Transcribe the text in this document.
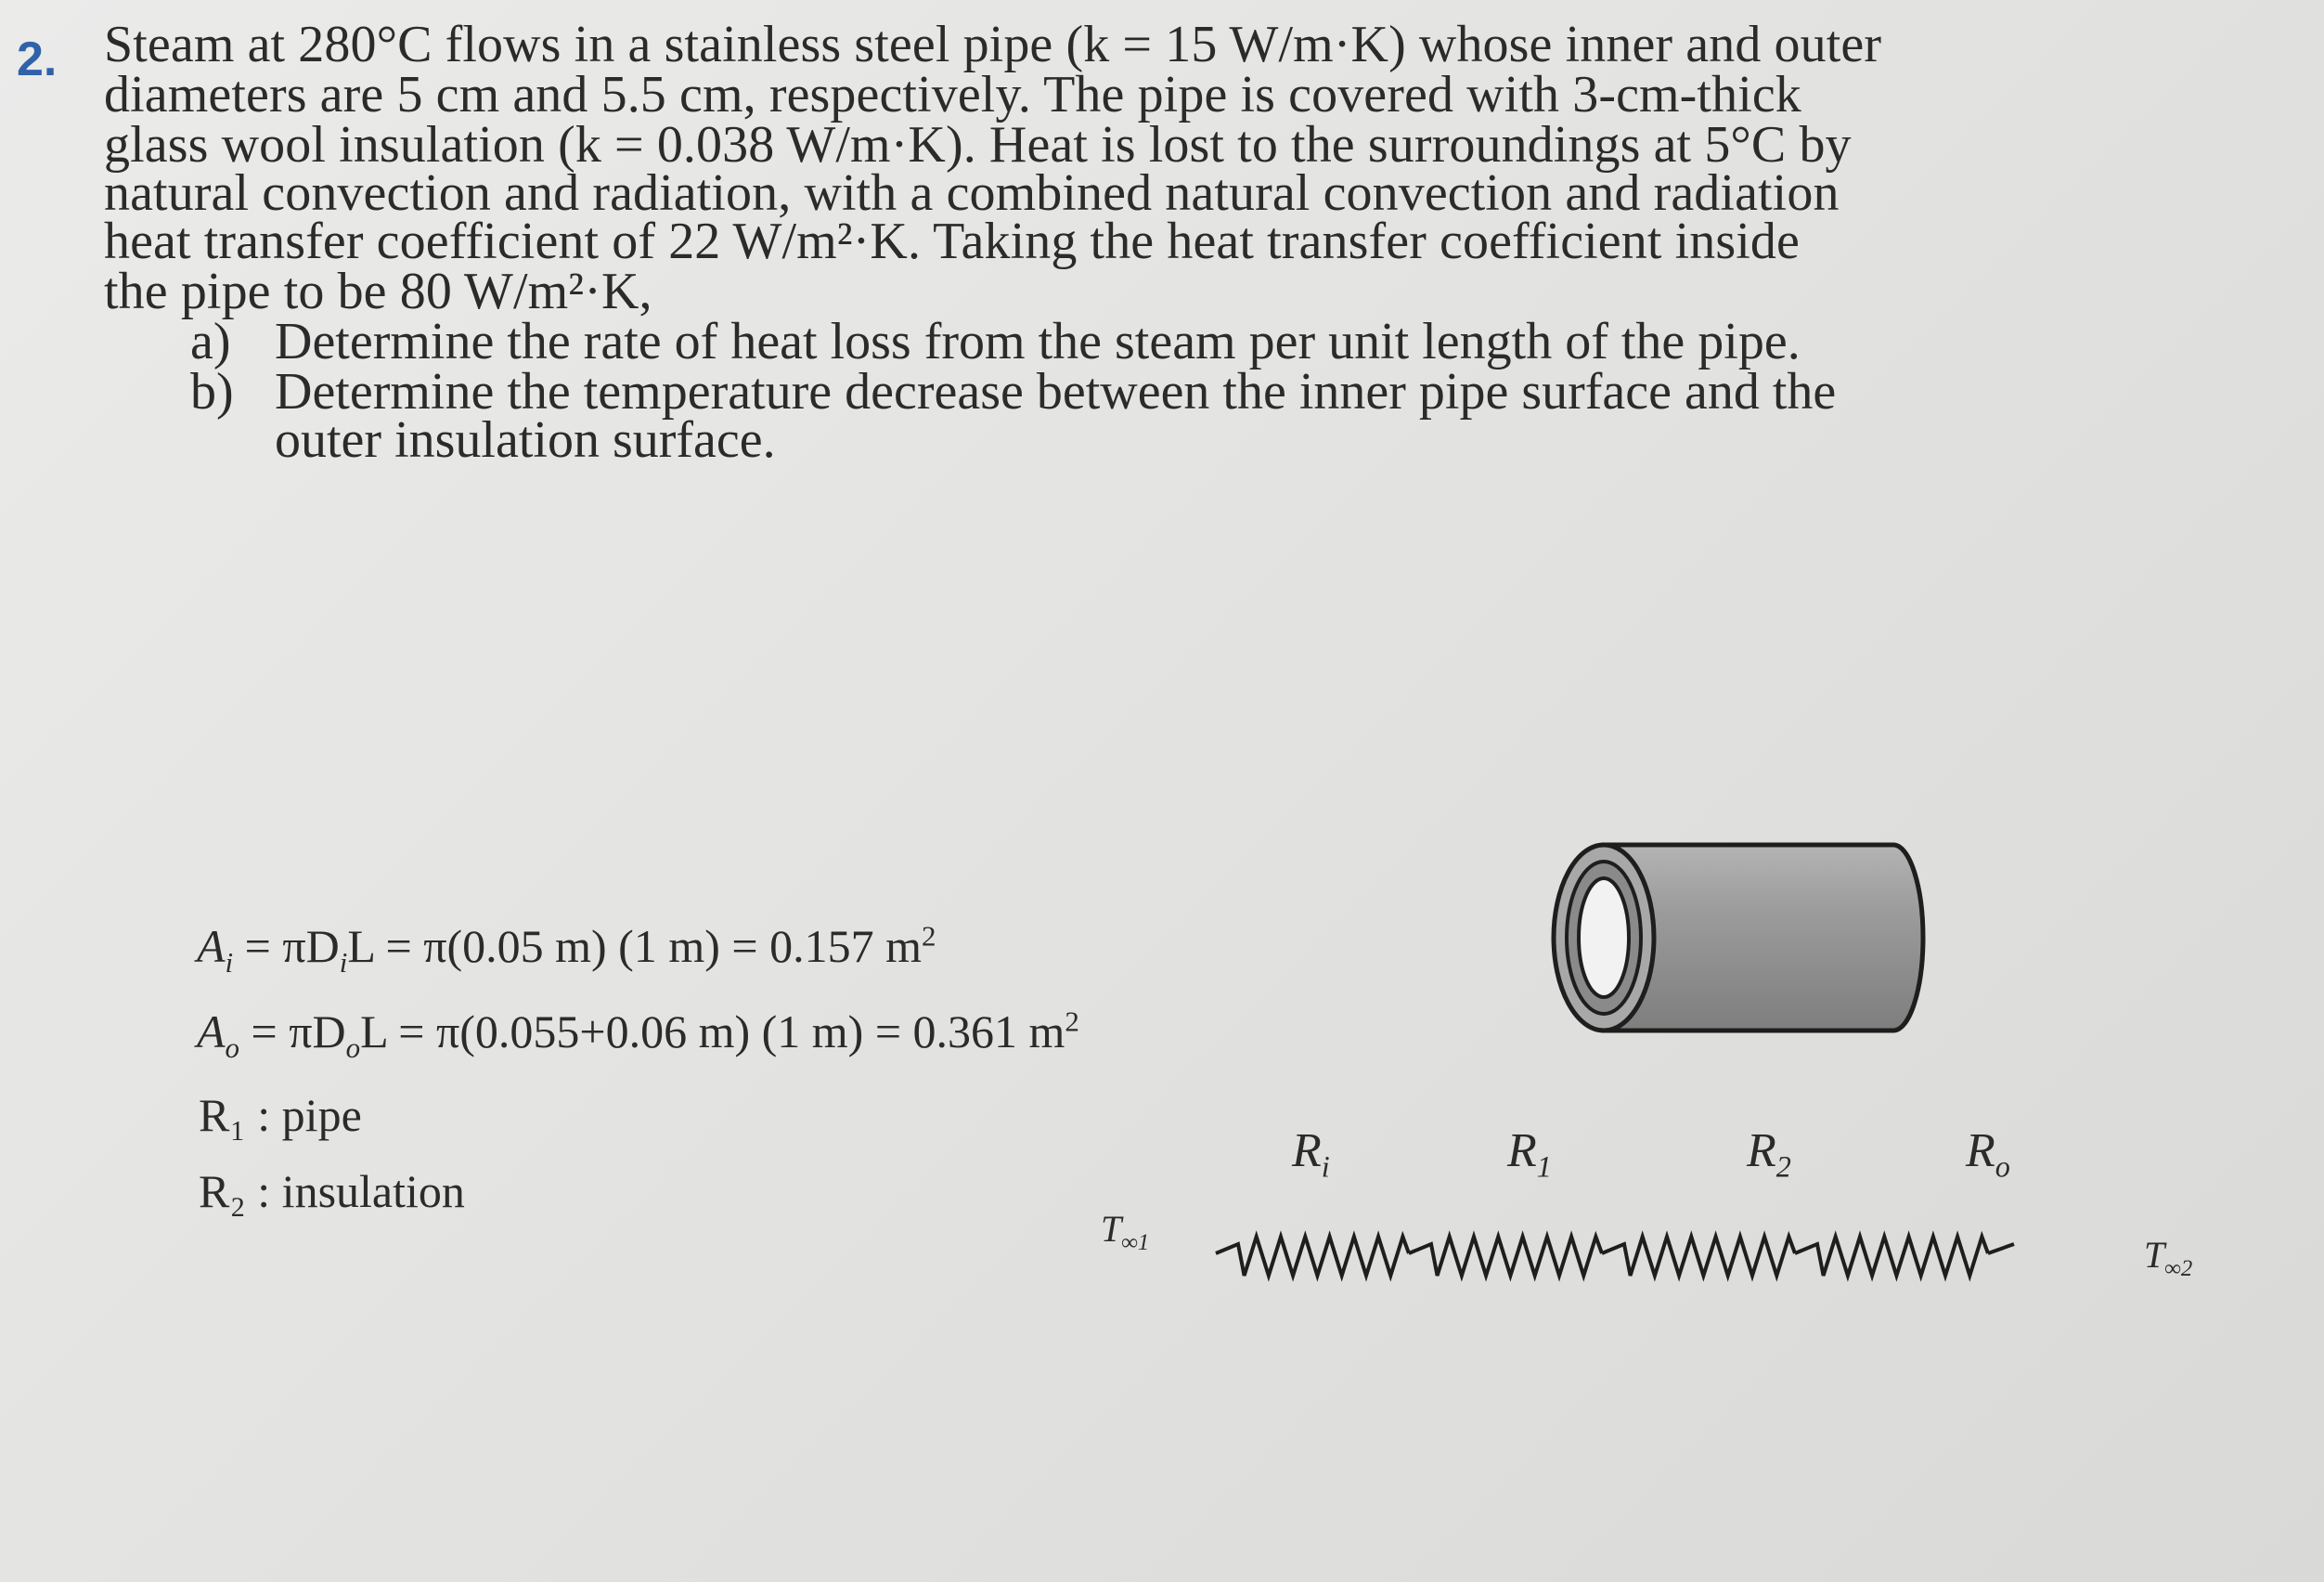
2. Steam at 280°C flows in a stainless steel pipe (k = 15 W/m·K) whose inner and outer
diameters are 5 cm and 5.5 cm, respectively. The pipe is covered with 3-cm-thick
glass wool insulation (k = 0.038 W/m·K). Heat is lost to the surroundings at 5°C by
natural convection and radiation, with a combined natural convection and radiation
heat transfer coefficient of 22 W/m²·K. Taking the heat transfer coefficient inside
the pipe to be 80 W/m²·K,
a) Determine the rate of heat loss from the steam per unit length of the pipe.
b) Determine the temperature decrease between the inner pipe surface and the
outer insulation surface.
$A_i = \pi D_iL = \pi(0.05$ m) (1 m) = 0.157 $m^2$
$A_o = \pi D_oL = \pi(0.055+0.06$ m) (1 m) = 0.361 $m^2$
R₁ : pipe
R₂ : insulation
$R_i$	$R_1$	$R_2$	$R_o$
$T_{\infty 1}$	$T_{\infty 2}$
